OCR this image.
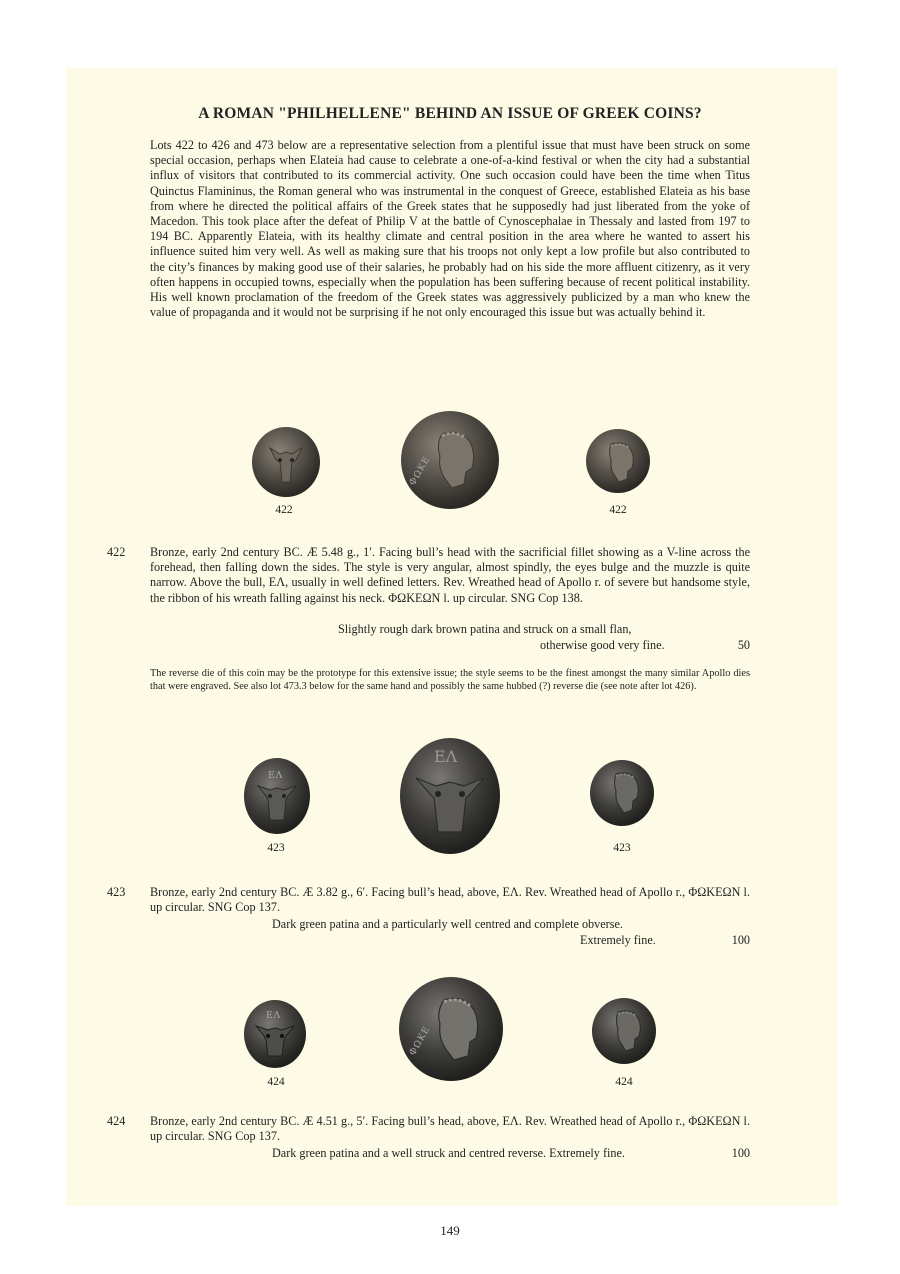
A ROMAN "PHILHELLENE" BEHIND AN ISSUE OF GREEK COINS?
Lots 422 to 426 and 473 below are a representative selection from a plentiful issue that must have been struck on some special occasion, perhaps when Elateia had cause to celebrate a one-of-a-kind festival or when the city had a substantial influx of visitors that contributed to its commercial activity. One such occasion could have been the time when Titus Quinctus Flamininus, the Roman general who was instrumental in the conquest of Greece, established Elateia as his base from where he directed the political affairs of the Greek states that he supposedly had just liberated from the yoke of Macedon. This took place after the defeat of Philip V at the battle of Cynoscephalae in Thessaly and lasted from 197 to 194 BC. Apparently Elateia, with its healthy climate and central position in the area where he wanted to assert his influence suited him very well. As well as making sure that his troops not only kept a low profile but also contributed to the city’s finances by making good use of their salaries, he probably had on his side the more affluent citizenry, as it very often happens in occupied towns, especially when the population has been suffering because of recent political instability. His well known proclamation of the freedom of the Greek states was aggressively publicized by a man who knew the value of propaganda and it would not be surprising if he not only encouraged this issue but was actually behind it.
ΦΩΚΕ
422	422
422 Bronze, early 2nd century BC. Æ 5.48 g., 1′. Facing bull’s head with the sacrificial fillet showing as a V-line across the forehead, then falling down the sides. The style is very angular, almost spindly, the eyes bulge and the muzzle is quite narrow. Above the bull, ΕΛ, usually in well defined letters. Rev. Wreathed head of Apollo r. of severe but handsome style, the ribbon of his wreath falling against his neck. ΦΩΚΕΩΝ l. up circular. SNG Cop 138.
Slightly rough dark brown patina and struck on a small flan,
otherwise good very fine.	50
The reverse die of this coin may be the prototype for this extensive issue; the style seems to be the finest amongst the many similar Apollo dies that were engraved. See also lot 473.3 below for the same hand and possibly the same hubbed (?) reverse die (see note after lot 426).
ΕΛ
ΕΛ
423	423
423 Bronze, early 2nd century BC. Æ 3.82 g., 6′. Facing bull’s head, above, ΕΛ. Rev. Wreathed head of Apollo r., ΦΩΚΕΩΝ l. up circular. SNG Cop 137.
Dark green patina and a particularly well centred and complete obverse.
Extremely fine.	100
ΕΛ
ΦΩΚΕ
424	424
424 Bronze, early 2nd century BC. Æ 4.51 g., 5′. Facing bull’s head, above, ΕΛ. Rev. Wreathed head of Apollo r., ΦΩΚΕΩΝ l. up circular. SNG Cop 137.
Dark green patina and a well struck and centred reverse. Extremely fine.	100
149
